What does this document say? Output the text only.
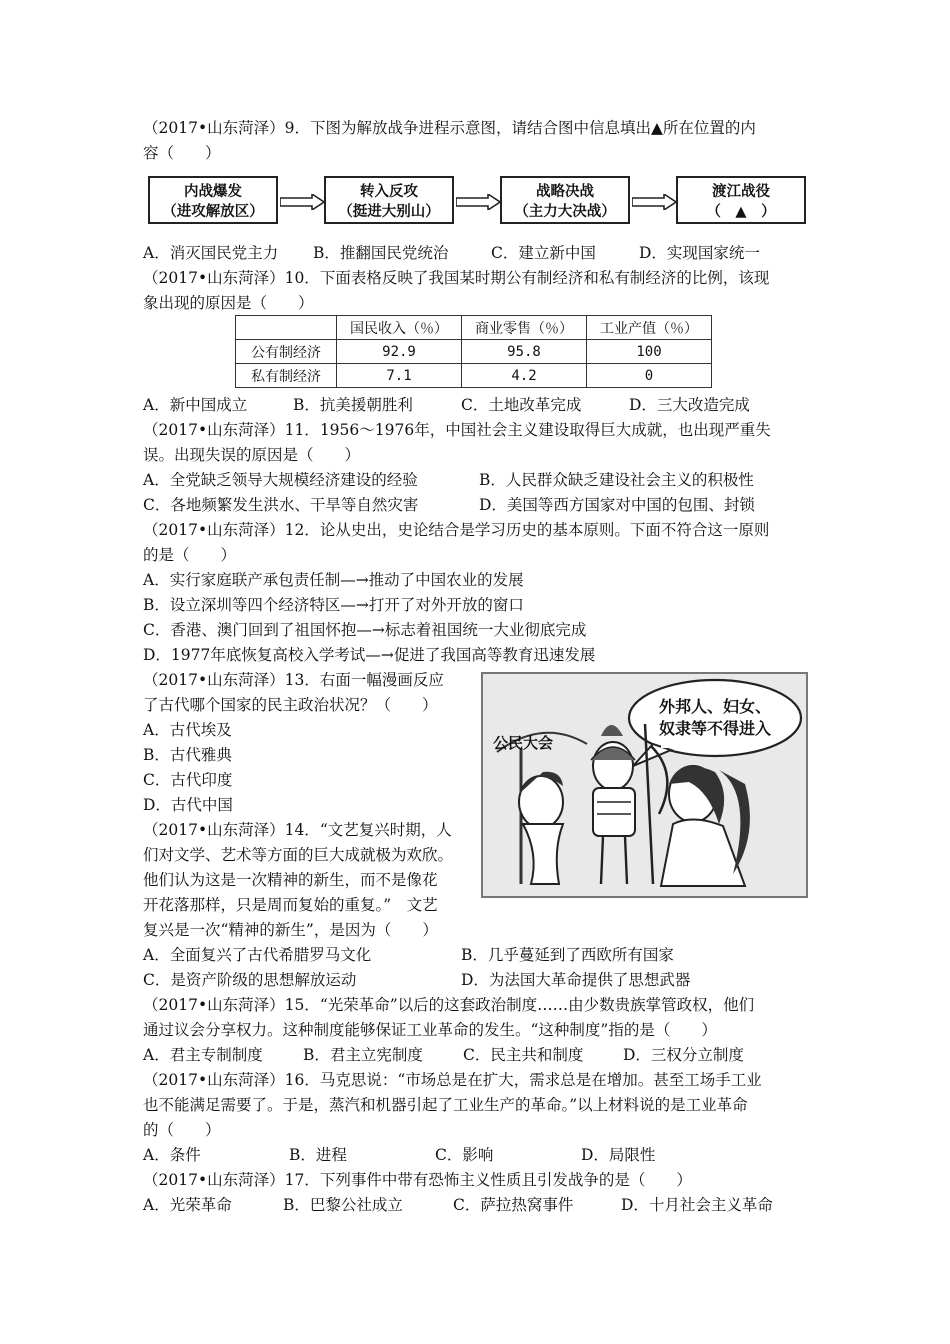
（2017•山东菏泽）9．下图为解放战争进程示意图，请结合图中信息填出▲所在位置的内
容（　　）
内战爆发
（进攻解放区）
转入反攻
（挺进大别山）
战略决战
（主力大决战）
渡江战役
（　▲　）
A．消灭国民党主力 B．推翻国民党统治	C．建立新中国	D．实现国家统一
（2017•山东菏泽）10．下面表格反映了我国某时期公有制经济和私有制经济的比例，该现
象出现的原因是（　　）
	国民收入（％）	商业零售（％）	工业产值（％）
公有制经济	92.9	95.8	100
私有制经济	7.1	4.2	0
A．新中国成立	B．抗美援朝胜利	C．土地改革完成	D．三大改造完成
（2017•山东菏泽）11．1956～1976年，中国社会主义建设取得巨大成就，也出现严重失
误。出现失误的原因是（　　）
A．全党缺乏领导大规模经济建设的经验	B．人民群众缺乏建设社会主义的积极性
C．各地频繁发生洪水、干旱等自然灾害	D．美国等西方国家对中国的包围、封锁
（2017•山东菏泽）12．论从史出，史论结合是学习历史的基本原则。下面不符合这一原则
的是（　　）
A．实行家庭联产承包责任制—→推动了中国农业的发展
B．设立深圳等四个经济特区—→打开了对外开放的窗口
C．香港、澳门回到了祖国怀抱—→标志着祖国统一大业彻底完成
D．1977年底恢复高校入学考试—→促进了我国高等教育迅速发展
（2017•山东菏泽）13．右面一幅漫画反应
了古代哪个国家的民主政治状况？（　　）
A．古代埃及
B．古代雅典
C．古代印度
D．古代中国
外邦人、妇女、
奴隶等不得进入
公民大会
（2017•山东菏泽）14．“文艺复兴时期，人
们对文学、艺术等方面的巨大成就极为欢欣。
他们认为这是一次精神的新生，而不是像花
开花落那样，只是周而复始的重复。”　文艺
复兴是一次“精神的新生”，是因为（　　）
A．全面复兴了古代希腊罗马文化	B．几乎蔓延到了西欧所有国家
C．是资产阶级的思想解放运动	D．为法国大革命提供了思想武器
（2017•山东菏泽）15．“光荣革命”以后的这套政治制度……由少数贵族掌管政权，他们
通过议会分享权力。这种制度能够保证工业革命的发生。“这种制度”指的是（　　）
A．君主专制制度	B．君主立宪制度	C．民主共和制度	D．三权分立制度
（2017•山东菏泽）16．马克思说：“市场总是在扩大，需求总是在增加。甚至工场手工业
也不能满足需要了。于是，蒸汽和机器引起了工业生产的革命。”以上材料说的是工业革命
的（　　）
A．条件	B．进程	C．影响	D．局限性
（2017•山东菏泽）17．下列事件中带有恐怖主义性质且引发战争的是（　　）
A．光荣革命	B．巴黎公社成立	C．萨拉热窝事件	D．十月社会主义革命
